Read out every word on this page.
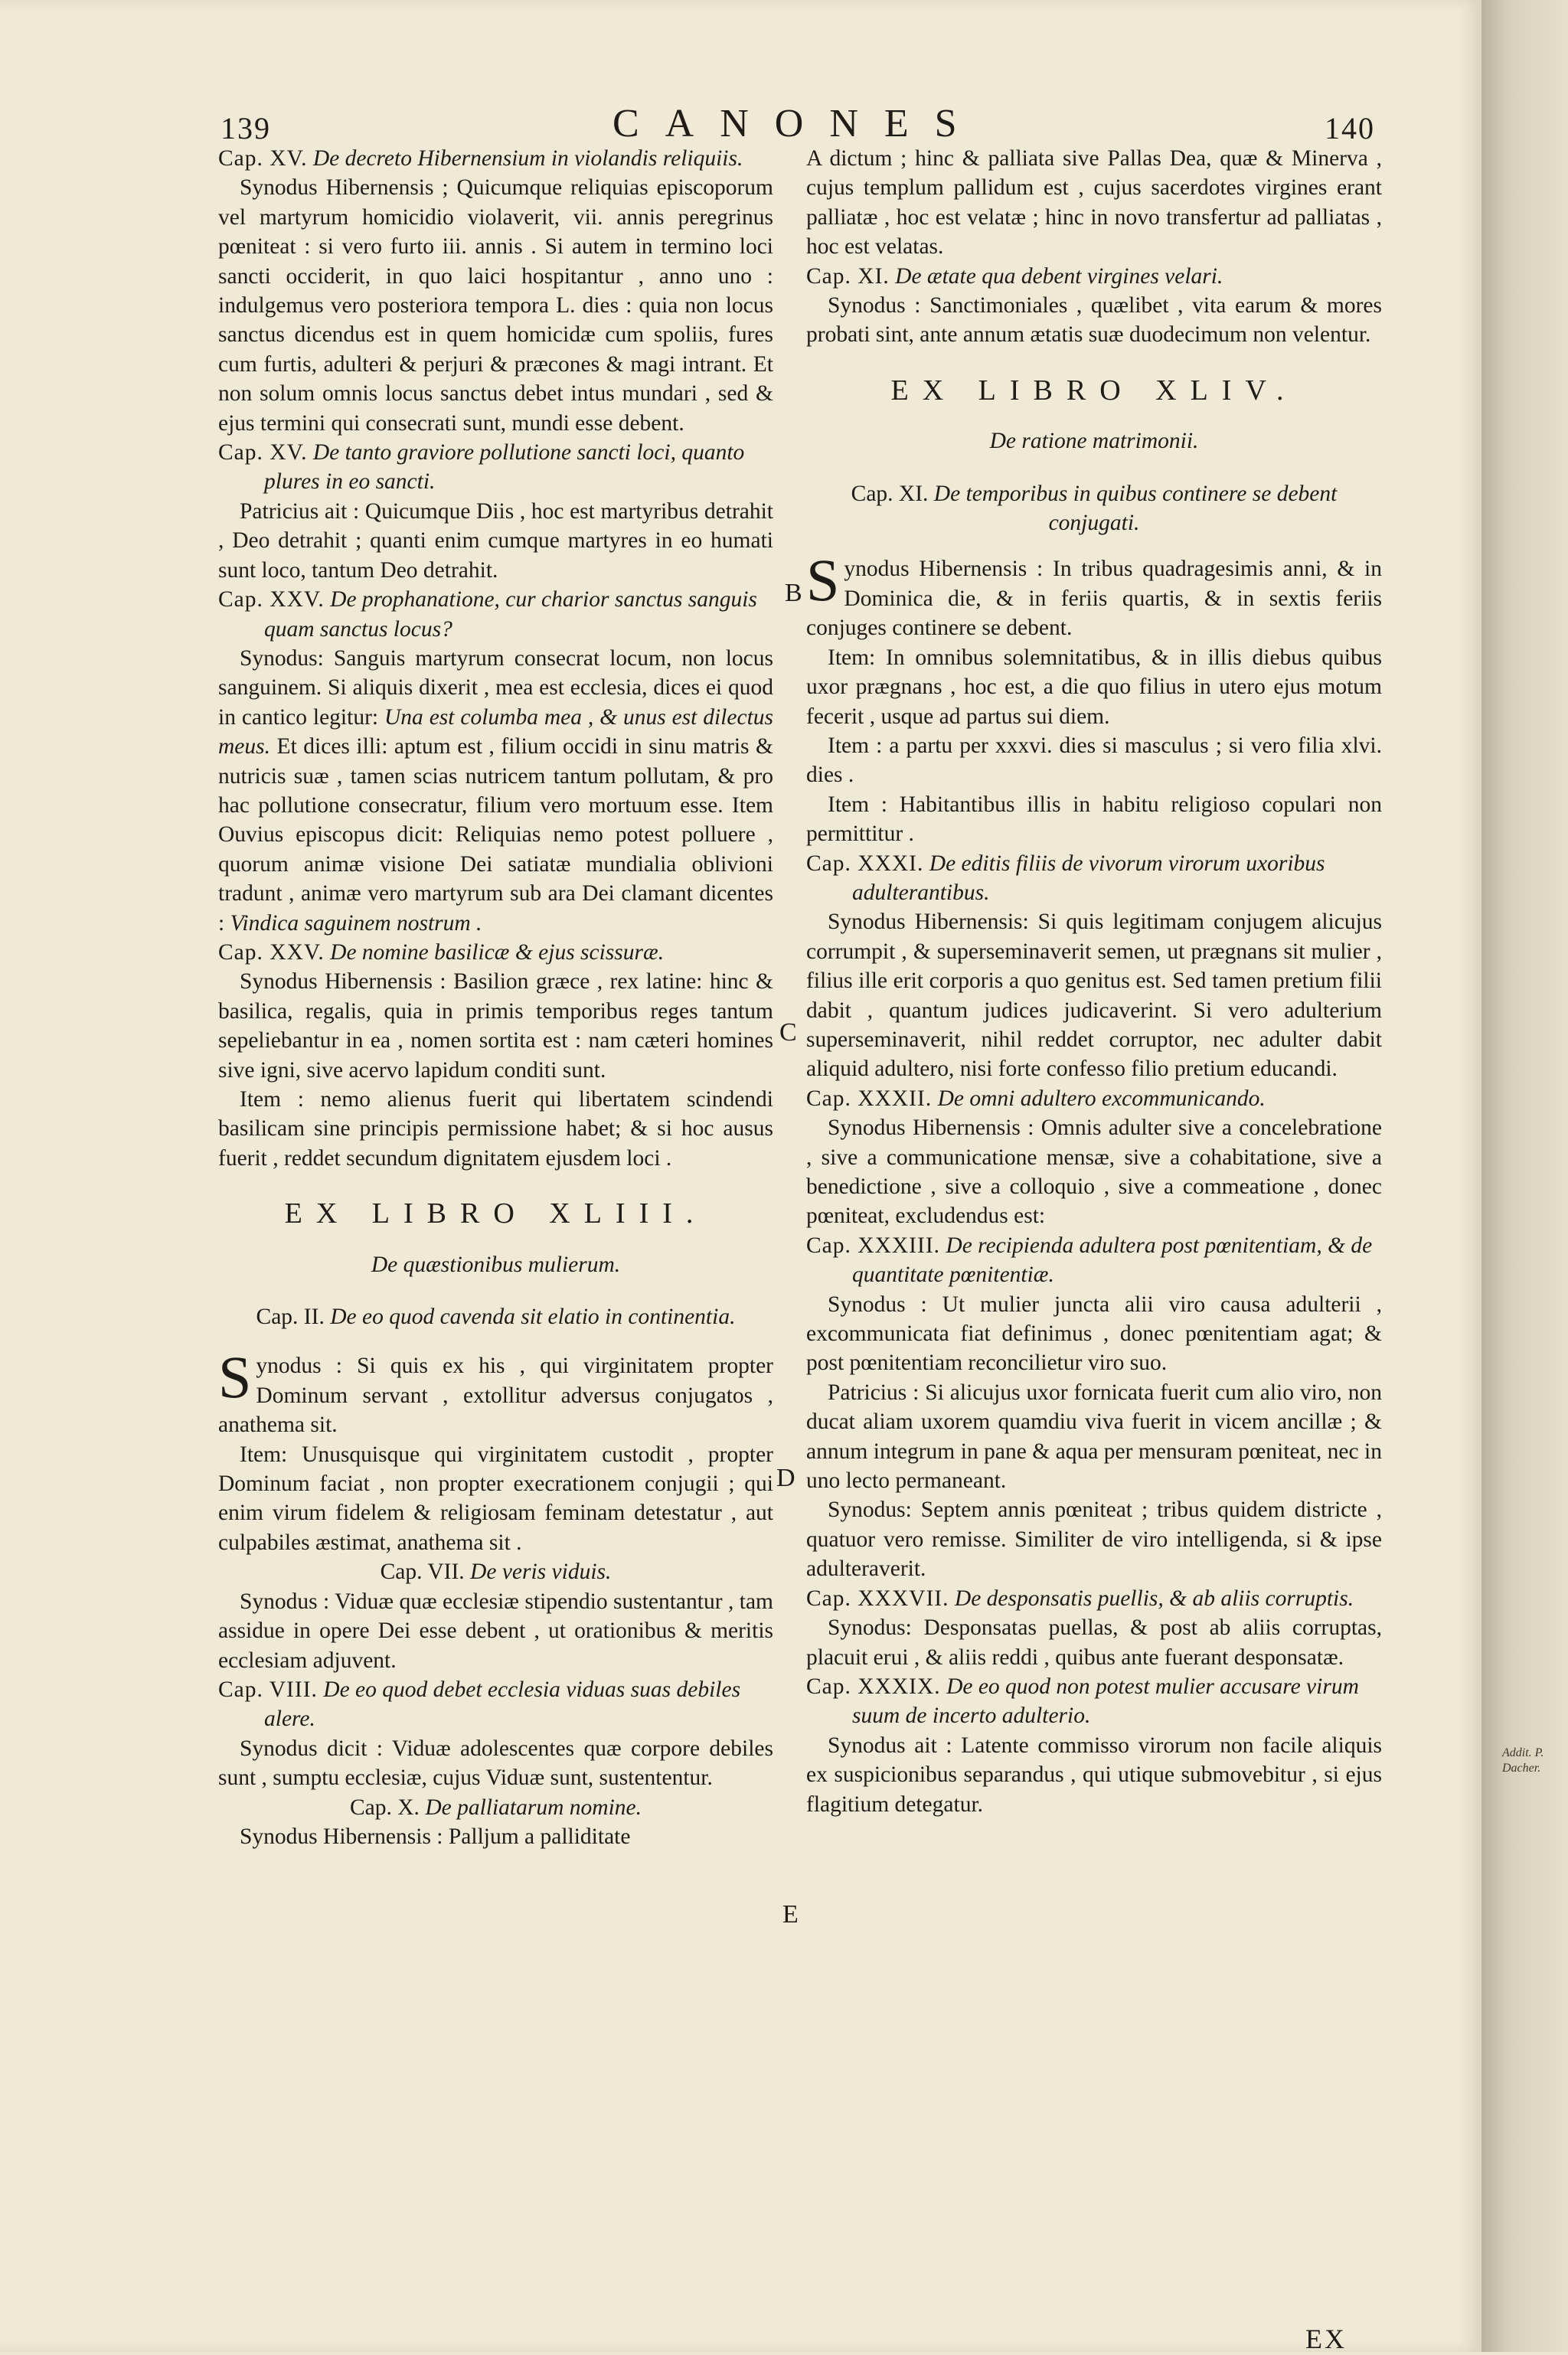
139	CANONES	140
B
C
D
E

Cap. XV. De decreto Hibernensium in violandis reliquiis.

Synodus Hibernensis ; Quicumque reliquias episcoporum vel martyrum homicidio violaverit, vii. annis peregrinus pœniteat : si vero furto iii. annis . Si autem in termino loci sancti occiderit, in quo laici hospitantur , anno uno : indulgemus vero posteriora tempora L. dies : quia non locus sanctus dicendus est in quem homicidæ cum spoliis, fures cum furtis, adulteri & perjuri & præcones & magi intrant. Et non solum omnis locus sanctus debet intus mundari , sed & ejus termini qui consecrati sunt, mundi esse debent.

Cap. XV. De tanto graviore pollutione sancti loci, quanto plures in eo sancti.

Patricius ait : Quicumque Diis , hoc est martyribus detrahit , Deo detrahit ; quanti enim cumque martyres in eo humati sunt loco, tantum Deo detrahit.

Cap. XXV. De prophanatione, cur charior sanctus sanguis quam sanctus locus?

Synodus: Sanguis martyrum consecrat locum, non locus sanguinem. Si aliquis dixerit , mea est ecclesia, dices ei quod in cantico legitur: Una est columba mea , & unus est dilectus meus. Et dices illi: aptum est , filium occidi in sinu matris & nutricis suæ , tamen scias nutricem tantum pollutam, & pro hac pollutione consecratur, filium vero mortuum esse. Item Ouvius episcopus dicit: Reliquias nemo potest polluere , quorum animæ visione Dei satiatæ mundialia oblivioni tradunt , animæ vero martyrum sub ara Dei clamant dicentes : Vindica saguinem nostrum .

Cap. XXV. De nomine basilicæ & ejus scissuræ.

Synodus Hibernensis : Basilion græce , rex latine: hinc & basilica, regalis, quia in primis temporibus reges tantum sepeliebantur in ea , nomen sortita est : nam cæteri homines sive igni, sive acervo lapidum conditi sunt.

Item : nemo alienus fuerit qui libertatem scindendi basilicam sine principis permissione habet; & si hoc ausus fuerit , reddet secundum dignitatem ejusdem loci .

EX LIBRO XLIII.

De quæstionibus mulierum.

Cap. II. De eo quod cavenda sit elatio in continentia.

Synodus : Si quis ex his , qui virginitatem propter Dominum servant , extollitur adversus conjugatos , anathema sit.

Item: Unusquisque qui virginitatem custodit , propter Dominum faciat , non propter execrationem conjugii ; qui enim virum fidelem & religiosam feminam detestatur , aut culpabiles æstimat, anathema sit .

Cap. VII. De veris viduis.

Synodus : Viduæ quæ ecclesiæ stipendio sustentantur , tam assidue in opere Dei esse debent , ut orationibus & meritis ecclesiam adjuvent.

Cap. VIII. De eo quod debet ecclesia viduas suas debiles alere.

Synodus dicit : Viduæ adolescentes quæ corpore debiles sunt , sumptu ecclesiæ, cujus Viduæ sunt, sustententur.

Cap. X. De palliatarum nomine.

Synodus Hibernensis : Palljum a palliditate

A dictum ; hinc & palliata sive Pallas Dea, quæ & Minerva , cujus templum pallidum est , cujus sacerdotes virgines erant palliatæ , hoc est velatæ ; hinc in novo transfertur ad palliatas , hoc est velatas.

Cap. XI. De ætate qua debent virgines velari.

Synodus : Sanctimoniales , quælibet , vita earum & mores probati sint, ante annum ætatis suæ duodecimum non velentur.

EX LIBRO XLIV.

De ratione matrimonii.

Cap. XI. De temporibus in quibus continere se debent conjugati.

Synodus Hibernensis : In tribus quadragesimis anni, & in Dominica die, & in feriis quartis, & in sextis feriis conjuges continere se debent.

Item: In omnibus solemnitatibus, & in illis diebus quibus uxor prægnans , hoc est, a die quo filius in utero ejus motum fecerit , usque ad partus sui diem.

Item : a partu per xxxvi. dies si masculus ; si vero filia xlvi. dies .

Item : Habitantibus illis in habitu religioso copulari non permittitur .

Cap. XXXI. De editis filiis de vivorum virorum uxoribus adulterantibus.

Synodus Hibernensis: Si quis legitimam conjugem alicujus corrumpit , & superseminaverit semen, ut prægnans sit mulier , filius ille erit corporis a quo genitus est. Sed tamen pretium filii dabit , quantum judices judicaverint. Si vero adulterium superseminaverit, nihil reddet corruptor, nec adulter dabit aliquid adultero, nisi forte confesso filio pretium educandi.

Cap. XXXII. De omni adultero excommunicando.

Synodus Hibernensis : Omnis adulter sive a concelebratione , sive a communicatione mensæ, sive a cohabitatione, sive a benedictione , sive a colloquio , sive a commeatione , donec pœniteat, excludendus est:

Cap. XXXIII. De recipienda adultera post pœnitentiam, & de quantitate pœnitentiæ.

Synodus : Ut mulier juncta alii viro causa adulterii , excommunicata fiat definimus , donec pœnitentiam agat; & post pœnitentiam reconcilietur viro suo.

Patricius : Si alicujus uxor fornicata fuerit cum alio viro, non ducat aliam uxorem quamdiu viva fuerit in vicem ancillæ ; & annum integrum in pane & aqua per mensuram pœniteat, nec in uno lecto permaneant.

Synodus: Septem annis pœniteat ; tribus quidem districte , quatuor vero remisse. Similiter de viro intelligenda, si & ipse adulteraverit.

Cap. XXXVII. De desponsatis puellis, & ab aliis corruptis.

Synodus: Desponsatas puellas, & post ab aliis corruptas, placuit erui , & aliis reddi , quibus ante fuerant desponsatæ.

Cap. XXXIX. De eo quod non potest mulier accusare virum suum de incerto adulterio.

Synodus ait : Latente commisso virorum non facile aliquis ex suspicionibus separandus , qui utique submovebitur , si ejus flagitium detegatur.

EX
Addit. P. Dacher.
